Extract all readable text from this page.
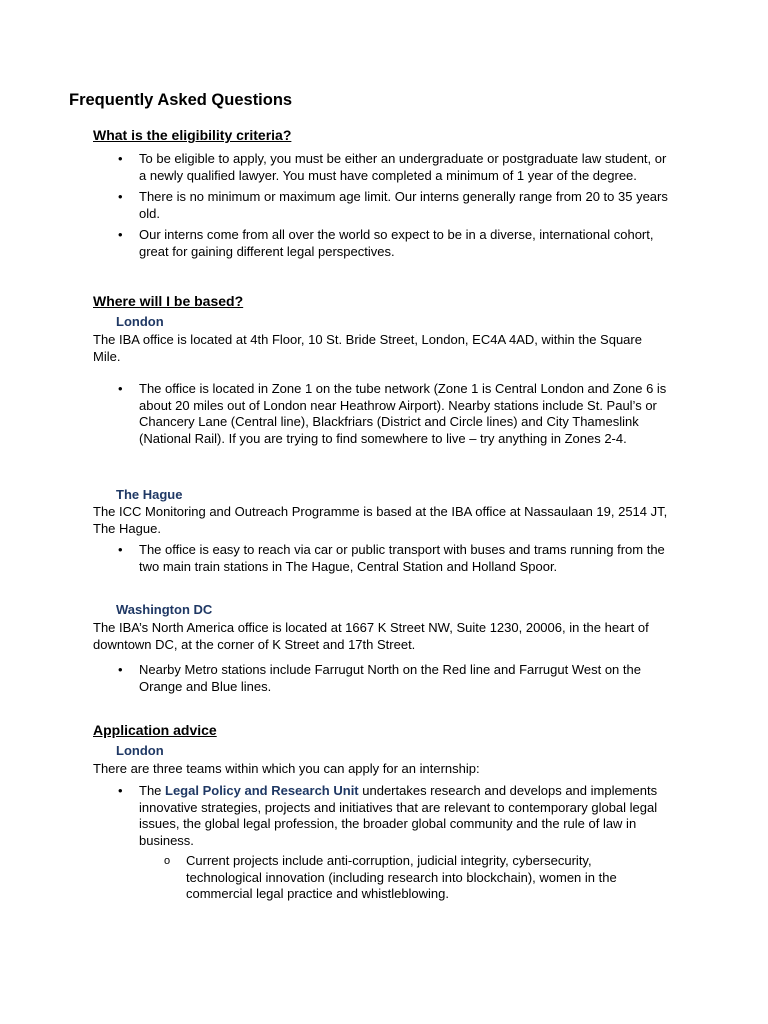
Frequently Asked Questions
What is the eligibility criteria?
• To be eligible to apply, you must be either an undergraduate or postgraduate law student, or a newly qualified lawyer. You must have completed a minimum of 1 year of the degree.
• There is no minimum or maximum age limit. Our interns generally range from 20 to 35 years old.
• Our interns come from all over the world so expect to be in a diverse, international cohort, great for gaining different legal perspectives.
Where will I be based?
London
The IBA office is located at 4th Floor, 10 St. Bride Street, London, EC4A 4AD, within the Square Mile.
• The office is located in Zone 1 on the tube network (Zone 1 is Central London and Zone 6 is about 20 miles out of London near Heathrow Airport). Nearby stations include St. Paul’s or Chancery Lane (Central line), Blackfriars (District and Circle lines) and City Thameslink (National Rail). If you are trying to find somewhere to live – try anything in Zones 2-4.
The Hague
The ICC Monitoring and Outreach Programme is based at the IBA office at Nassaulaan 19, 2514 JT, The Hague.
• The office is easy to reach via car or public transport with buses and trams running from the two main train stations in The Hague, Central Station and Holland Spoor.
Washington DC
The IBA’s North America office is located at 1667 K Street NW, Suite 1230, 20006, in the heart of downtown DC, at the corner of K Street and 17th Street.
• Nearby Metro stations include Farrugut North on the Red line and Farrugut West on the Orange and Blue lines.
Application advice
London
There are three teams within which you can apply for an internship:
• The Legal Policy and Research Unit undertakes research and develops and implements innovative strategies, projects and initiatives that are relevant to contemporary global legal issues, the global legal profession, the broader global community and the rule of law in business.
o Current projects include anti-corruption, judicial integrity, cybersecurity, technological innovation (including research into blockchain), women in the commercial legal practice and whistleblowing.
